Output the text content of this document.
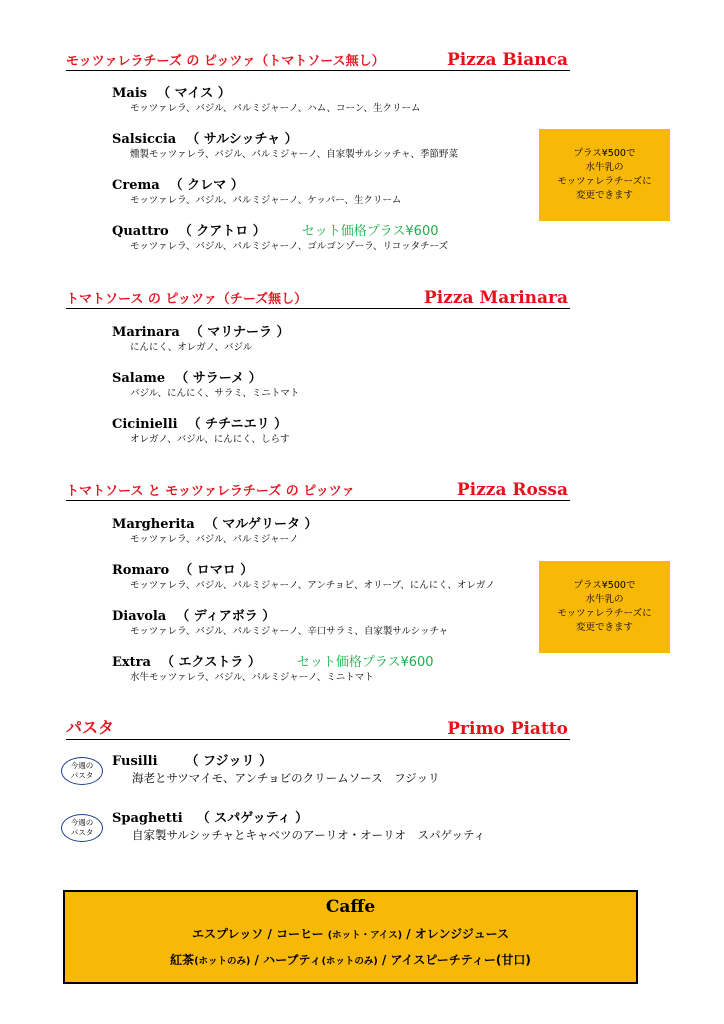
モッツァレラチーズ の ピッツァ（トマトソース無し）	Pizza Bianca
Mais （ マイス ）
モッツァレラ、バジル、パルミジャーノ、ハム、コーン、生クリーム
Salsiccia （ サルシッチャ ）
燻製モッツァレラ、バジル、パルミジャーノ、自家製サルシッチャ、季節野菜
Crema （ クレマ ）
モッツァレラ、バジル、パルミジャーノ、ケッパー、生クリーム
Quattro （ クアトロ ）	セット価格プラス¥600
モッツァレラ、バジル、パルミジャーノ、ゴルゴンゾーラ、リコッタチーズ
プラス¥500で
水牛乳の
モッツァレラチーズに
変更できます
トマトソース の ピッツァ（チーズ無し）	Pizza Marinara
Marinara （ マリナーラ ）
にんにく、オレガノ、バジル
Salame （ サラーメ ）
バジル、にんにく、サラミ、ミニトマト
Cicinielli （ チチニエリ ）
オレガノ、バジル、にんにく、しらす
トマトソース と モッツァレラチーズ の ピッツァ	Pizza Rossa
Margherita （ マルゲリータ ）
モッツァレラ、バジル、パルミジャーノ
Romaro （ ロマロ ）
モッツァレラ、バジル、パルミジャーノ、アンチョビ、オリーブ、にんにく、オレガノ
Diavola （ ディアボラ ）
モッツァレラ、バジル、パルミジャーノ、辛口サラミ、自家製サルシッチャ
Extra （ エクストラ ）	セット価格プラス¥600
水牛モッツァレラ、バジル、パルミジャーノ、ミニトマト
プラス¥500で
水牛乳の
モッツァレラチーズに
変更できます
パスタ	Primo Piatto
今週の
パスタ
今週の
パスタ
Fusilli （ フジッリ ）
海老とサツマイモ、アンチョビのクリームソース　フジッリ
Spaghetti （ スパゲッティ ）
自家製サルシッチャとキャベツのアーリオ・オーリオ　スパゲッティ
Caffe
エスプレッソ / コーヒー (ホット・アイス) / オレンジジュース
紅茶(ホットのみ) / ハーブティ(ホットのみ) / アイスピーチティー(甘口)
